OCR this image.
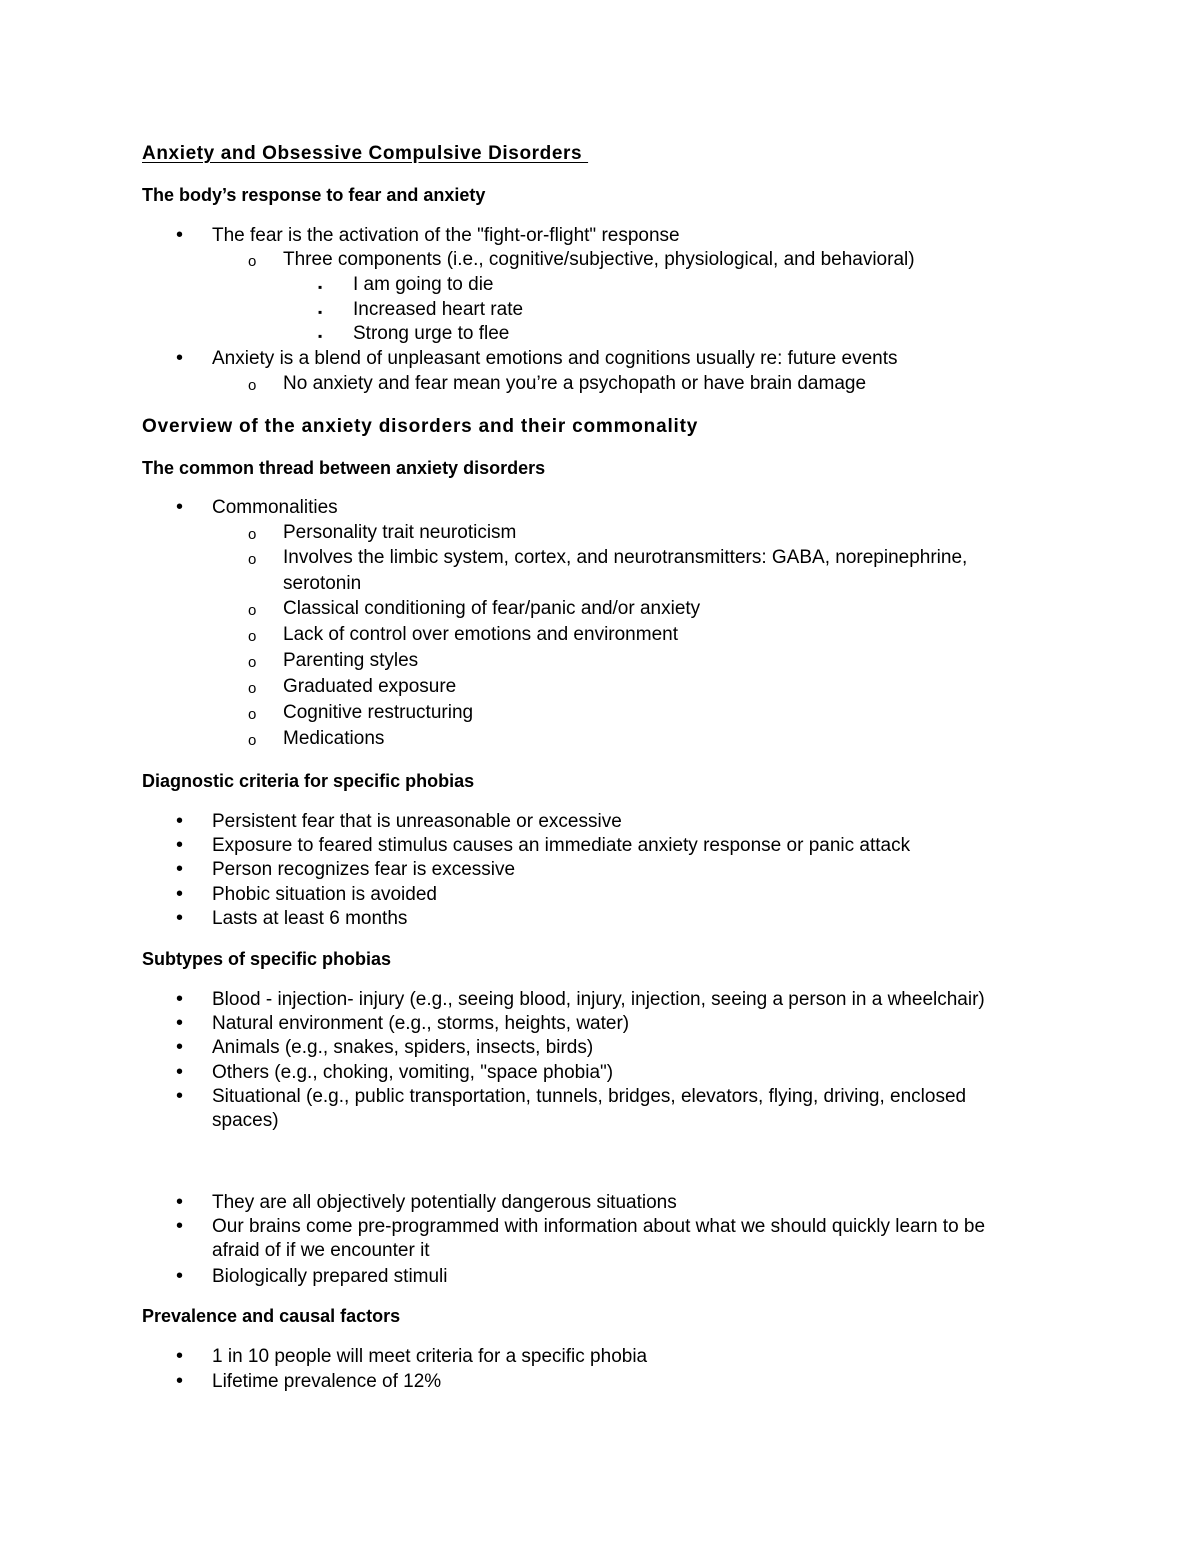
Anxiety and Obsessive Compulsive Disorders
The body’s response to fear and anxiety
• The fear is the activation of the "fight-or-flight" response
o Three components (i.e., cognitive/subjective, physiological, and behavioral)
▪ I am going to die
▪ Increased heart rate
▪ Strong urge to flee
• Anxiety is a blend of unpleasant emotions and cognitions usually re: future events
o No anxiety and fear mean you’re a psychopath or have brain damage
Overview of the anxiety disorders and their commonality
The common thread between anxiety disorders
• Commonalities
o Personality trait neuroticism
o Involves the limbic system, cortex, and neurotransmitters: GABA, norepinephrine,
serotonin
o Classical conditioning of fear/panic and/or anxiety
o Lack of control over emotions and environment
o Parenting styles
o Graduated exposure
o Cognitive restructuring
o Medications
Diagnostic criteria for specific phobias
• Persistent fear that is unreasonable or excessive
• Exposure to feared stimulus causes an immediate anxiety response or panic attack
• Person recognizes fear is excessive
• Phobic situation is avoided
• Lasts at least 6 months
Subtypes of specific phobias
• Blood - injection- injury (e.g., seeing blood, injury, injection, seeing a person in a wheelchair)
• Natural environment (e.g., storms, heights, water)
• Animals (e.g., snakes, spiders, insects, birds)
• Others (e.g., choking, vomiting, "space phobia")
• Situational (e.g., public transportation, tunnels, bridges, elevators, flying, driving, enclosed
spaces)
• They are all objectively potentially dangerous situations
• Our brains come pre-programmed with information about what we should quickly learn to be
afraid of if we encounter it
• Biologically prepared stimuli
Prevalence and causal factors
• 1 in 10 people will meet criteria for a specific phobia
• Lifetime prevalence of 12%
